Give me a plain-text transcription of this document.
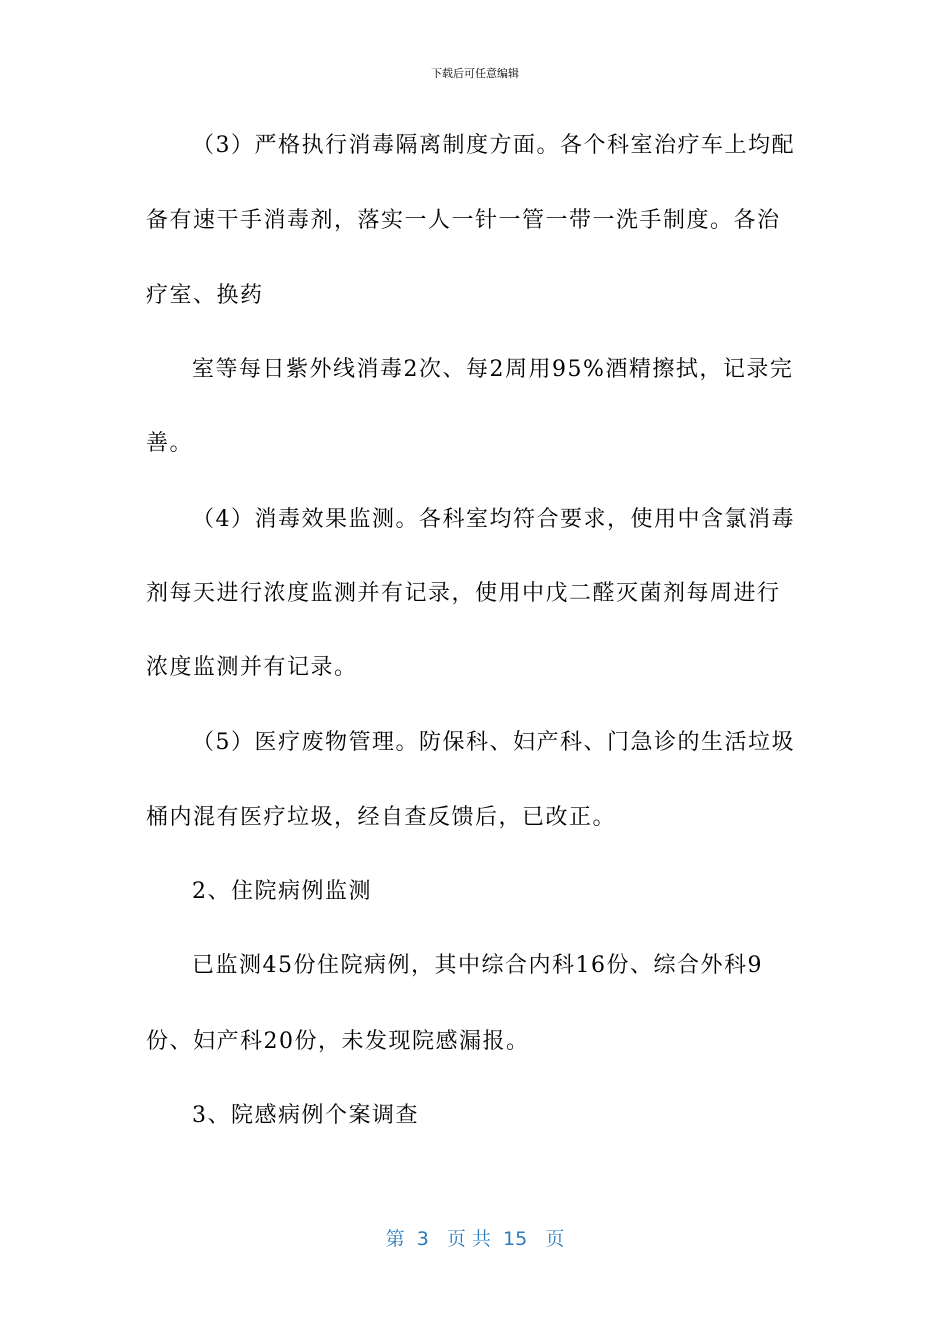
下载后可任意编辑
（3）严格执行消毒隔离制度方面。各个科室治疗车上均配
备有速干手消毒剂，落实一人一针一管一带一洗手制度。各治
疗室、换药
室等每日紫外线消毒2次、每2周用95%酒精擦拭，记录完
善。
（4）消毒效果监测。各科室均符合要求，使用中含氯消毒
剂每天进行浓度监测并有记录，使用中戊二醛灭菌剂每周进行
浓度监测并有记录。
（5）医疗废物管理。防保科、妇产科、门急诊的生活垃圾
桶内混有医疗垃圾，经自查反馈后，已改正。
2、住院病例监测
已监测45份住院病例，其中综合内科16份、综合外科9
份、妇产科20份，未发现院感漏报。
3、院感病例个案调查
第  3   页 共  15   页
